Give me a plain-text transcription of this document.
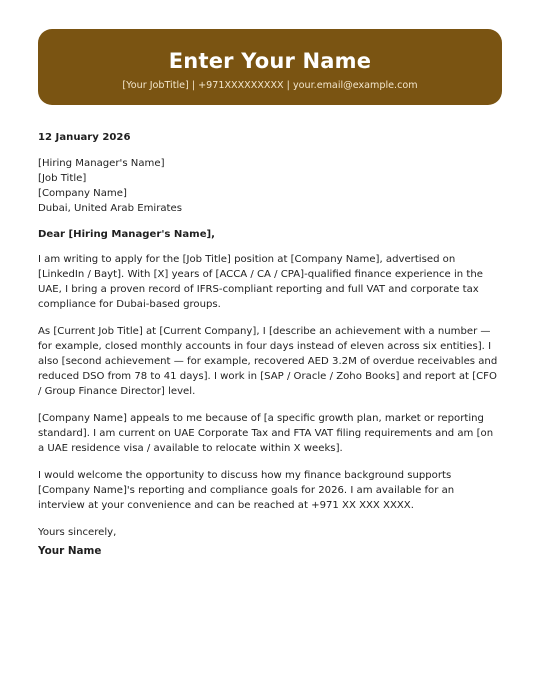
Enter Your Name
[Your JobTitle] | +971XXXXXXXXX | your.email@example.com
12 January 2026
[Hiring Manager's Name]
[Job Title]
[Company Name]
Dubai, United Arab Emirates
Dear [Hiring Manager's Name],

I am writing to apply for the [Job Title] position at [Company Name], advertised on [LinkedIn / Bayt]. With [X] years of [ACCA / CA / CPA]-qualified finance experience in the UAE, I bring a proven record of IFRS-compliant reporting and full VAT and corporate tax compliance for Dubai-based groups.

As [Current Job Title] at [Current Company], I [describe an achievement with a number — for example, closed monthly accounts in four days instead of eleven across six entities]. I also [second achievement — for example, recovered AED 3.2M of overdue receivables and reduced DSO from 78 to 41 days]. I work in [SAP / Oracle / Zoho Books] and report at [CFO / Group Finance Director] level.

[Company Name] appeals to me because of [a specific growth plan, market or reporting standard]. I am current on UAE Corporate Tax and FTA VAT filing requirements and am [on a UAE residence visa / available to relocate within X weeks].

I would welcome the opportunity to discuss how my finance background supports [Company Name]'s reporting and compliance goals for 2026. I am available for an interview at your convenience and can be reached at +971 XX XXX XXXX.

Yours sincerely,

Your Name
